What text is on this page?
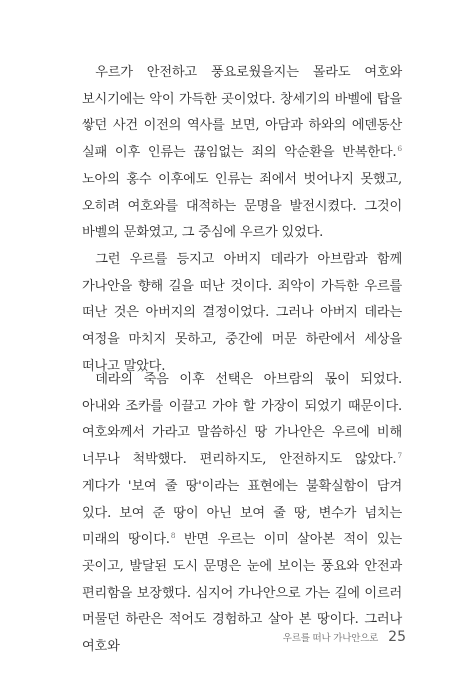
우르가 안전하고 풍요로웠을지는 몰라도 여호와 보시기에는 악이 가득한 곳이었다. 창세기의 바벨에 탑을 쌓던 사건 이전의 역사를 보면, 아담과 하와의 에덴동산 실패 이후 인류는 끊임없는 죄의 악순환을 반복한다.$^6$ 노아의 홍수 이후에도 인류는 죄에서 벗어나지 못했고, 오히려 여호와를 대적하는 문명을 발전시켰다. 그것이 바벨의 문화였고, 그 중심에 우르가 있었다.

그런 우르를 등지고 아버지 데라가 아브람과 함께 가나안을 향해 길을 떠난 것이다. 죄악이 가득한 우르를 떠난 것은 아버지의 결정이었다. 그러나 아버지 데라는 여정을 마치지 못하고, 중간에 머문 하란에서 세상을 떠나고 말았다.

데라의 죽음 이후 선택은 아브람의 몫이 되었다. 아내와 조카를 이끌고 가야 할 가장이 되었기 때문이다. 여호와께서 가라고 말씀하신 땅 가나안은 우르에 비해 너무나 척박했다. 편리하지도, 안전하지도 않았다.$^7$ 게다가 '보여 줄 땅'이라는 표현에는 불확실함이 담겨 있다. 보여 준 땅이 아닌 보여 줄 땅, 변수가 넘치는 미래의 땅이다.$^8$ 반면 우르는 이미 살아본 적이 있는 곳이고, 발달된 도시 문명은 눈에 보이는 풍요와 안전과 편리함을 보장했다. 심지어 가나안으로 가는 길에 이르러 머물던 하란은 적어도 경험하고 살아 본 땅이다. 그러나 여호와

우르를 떠나 가나안으로 25
